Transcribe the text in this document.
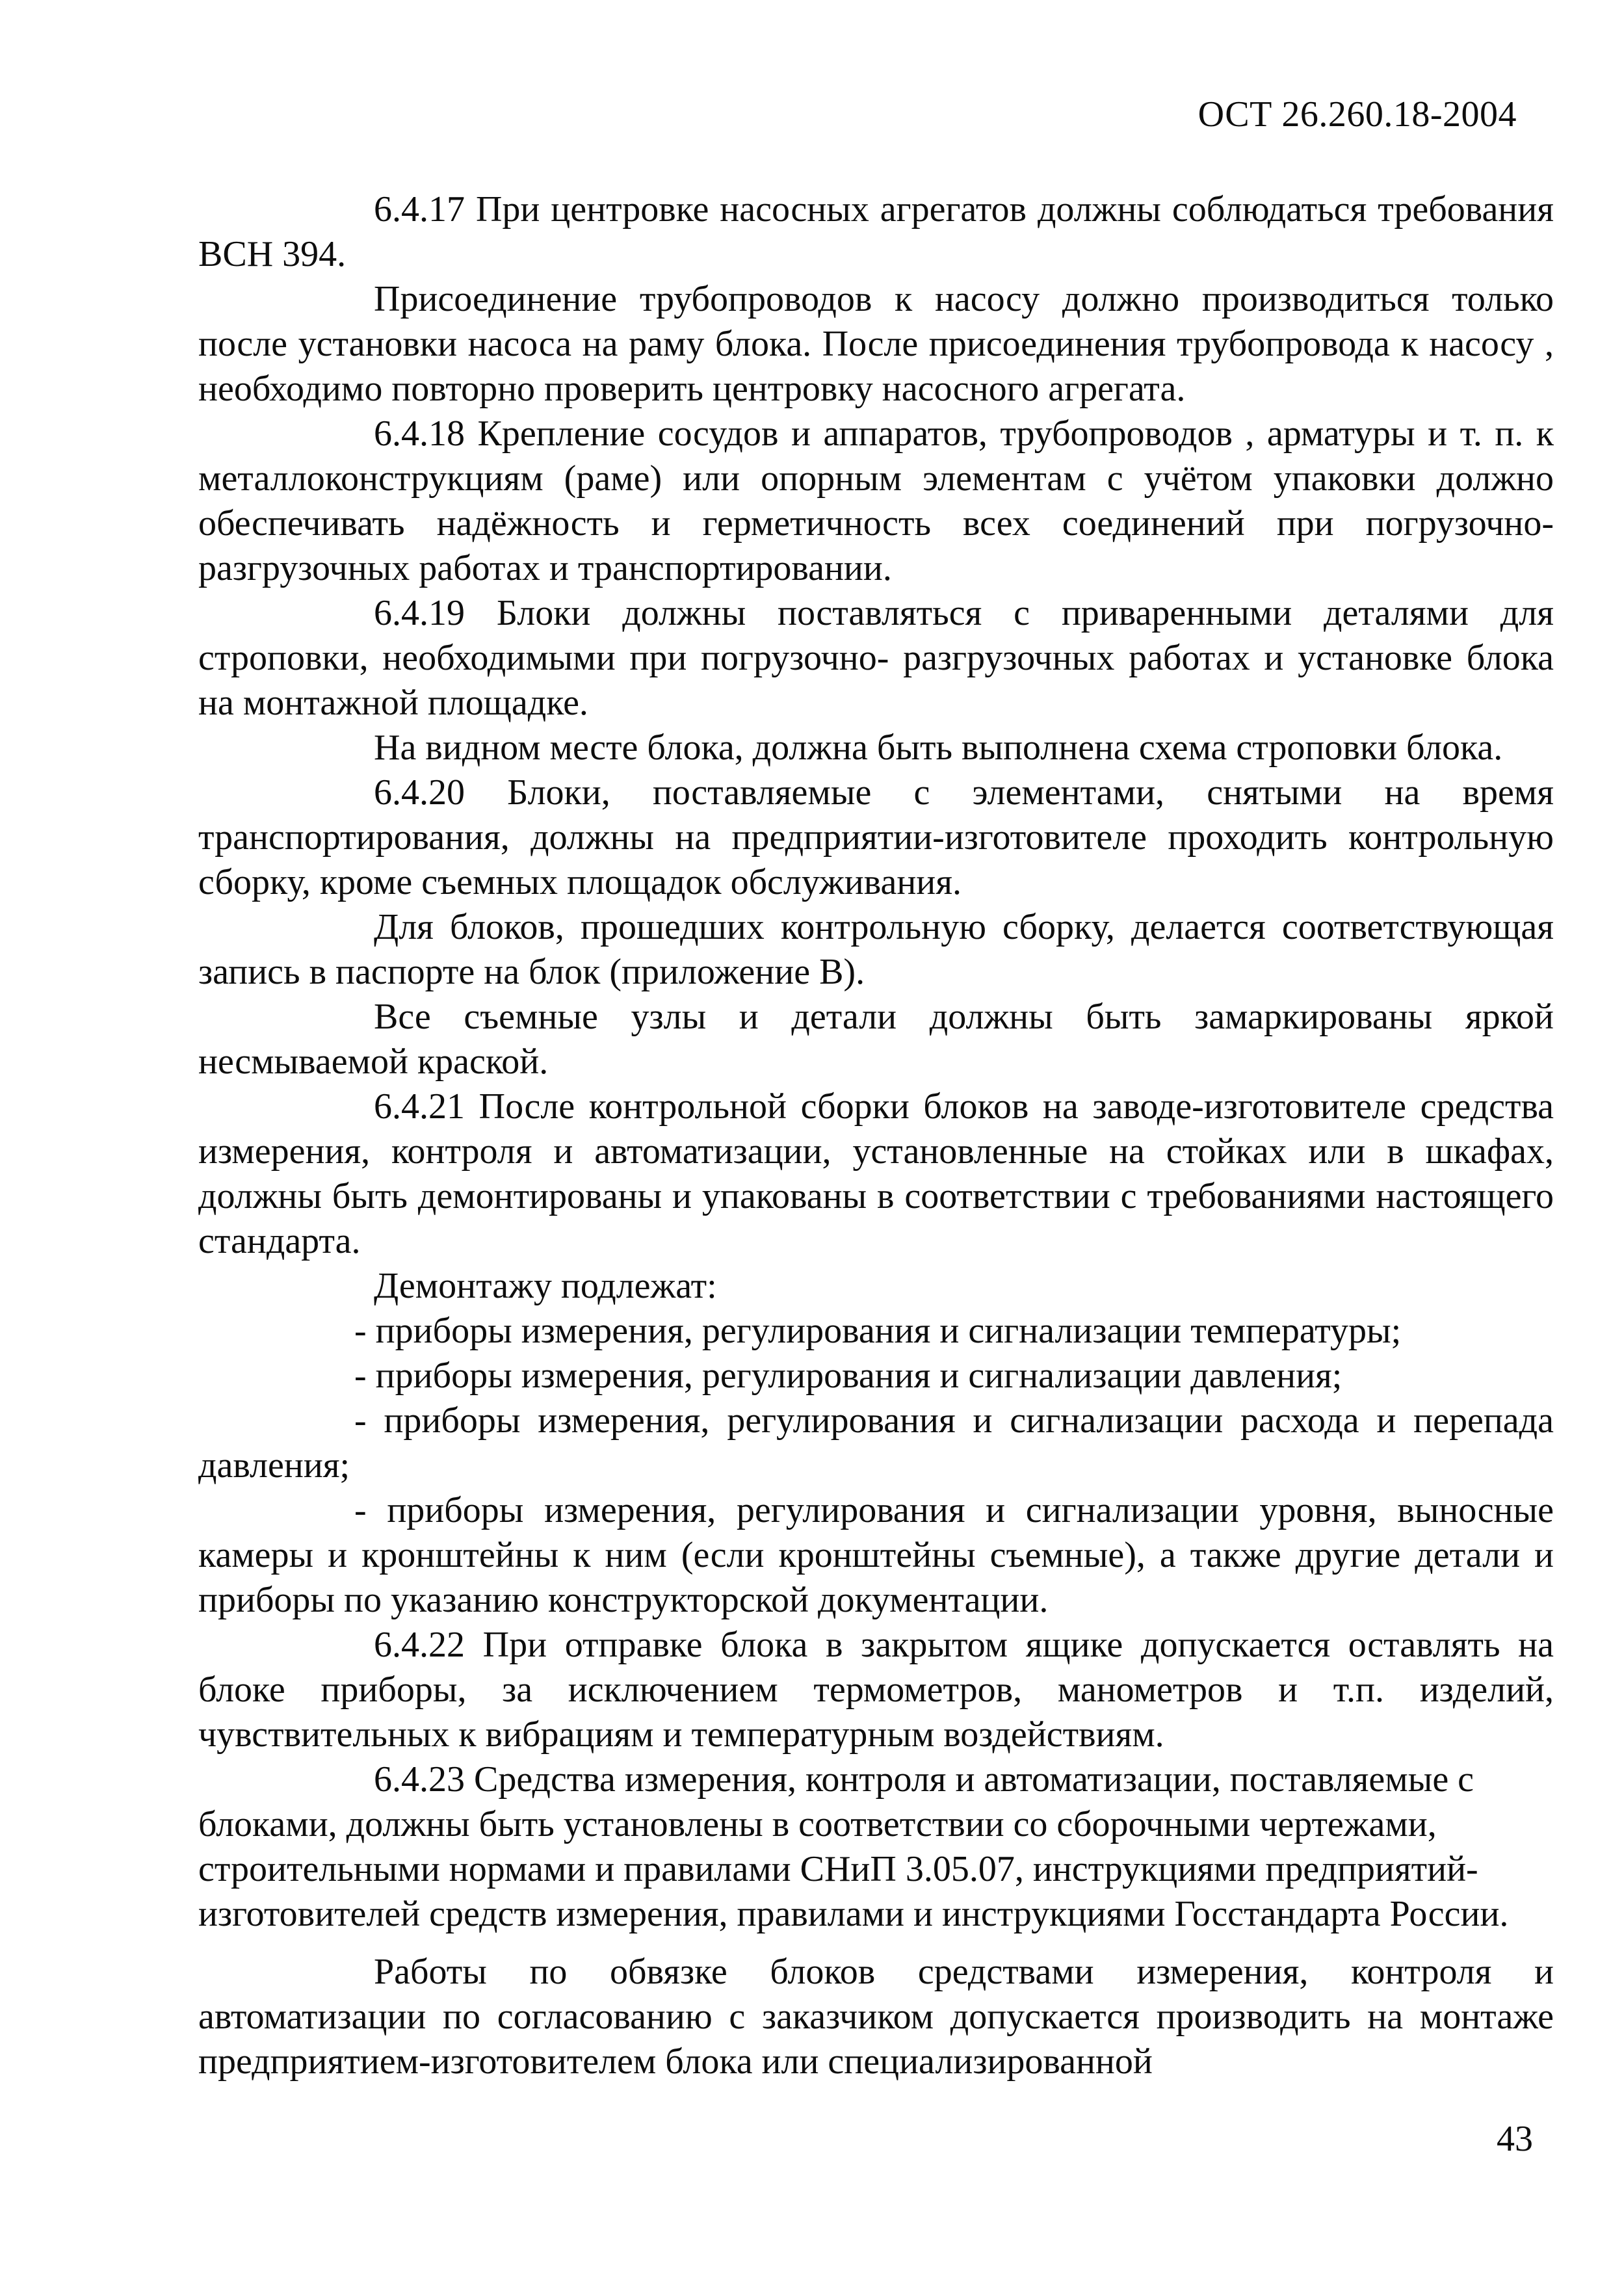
ОСТ 26.260.18-2004

6.4.17 При центровке насосных агрегатов должны соблюдаться требования ВСН 394.

Присоединение трубопроводов к насосу должно производиться только после установки насоса на раму блока. После присоединения трубопровода к насосу , необходимо повторно проверить центровку насосного агрегата.

6.4.18 Крепление сосудов и аппаратов, трубопроводов , арматуры и т. п. к металлоконструкциям (раме) или опорным элементам с учётом упаковки должно обеспечивать надёжность и герметичность всех соединений при погрузочно- разгрузочных работах и транспортировании.

6.4.19 Блоки должны поставляться с приваренными деталями для строповки, необходимыми при погрузочно- разгрузочных работах и установке блока на монтажной площадке.

На видном месте блока, должна быть выполнена схема строповки блока.

6.4.20 Блоки, поставляемые с элементами, снятыми на время транспортирования, должны на предприятии-изготовителе проходить контрольную сборку, кроме съемных площадок обслуживания.

Для блоков, прошедших контрольную сборку, делается соответствующая запись в паспорте на блок (приложение В).

Все съемные узлы и детали должны быть замаркированы яркой несмываемой краской.

6.4.21 После контрольной сборки блоков на заводе-изготовителе средства измерения, контроля и автоматизации, установленные на стойках или в шкафах, должны быть демонтированы и упакованы в соответствии с требованиями настоящего стандарта.

Демонтажу подлежат:

- приборы измерения, регулирования и сигнализации температуры;

- приборы измерения, регулирования и сигнализации давления;

- приборы измерения, регулирования и сигнализации расхода и перепада давления;

- приборы измерения, регулирования и сигнализации уровня, выносные камеры и кронштейны к ним (если кронштейны съемные), а также другие детали и приборы по указанию конструкторской документации.

6.4.22 При отправке блока в закрытом ящике допускается оставлять на блоке приборы, за исключением термометров, манометров и т.п. изделий, чувствительных к вибрациям и температурным воздействиям.

6.4.23 Средства измерения, контроля и автоматизации, поставляемые с блоками, должны быть установлены в соответствии со сборочными чертежами, строительными нормами и правилами СНиП 3.05.07, инструкциями предприятий-изготовителей средств измерения, правилами и инструкциями Госстандарта России.

Работы по обвязке блоков средствами измерения, контроля и автоматизации по согласованию с заказчиком допускается производить на монтаже предприятием-изготовителем блока или специализированной

43
